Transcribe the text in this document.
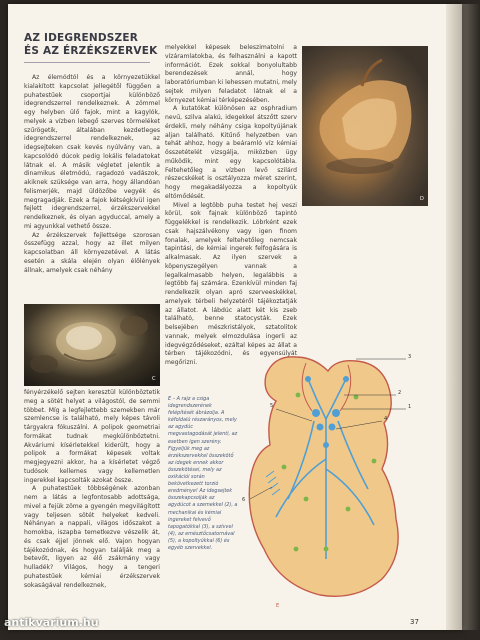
AZ IDEGRENDSZER
ÉS AZ ÉRZÉKSZERVEK

Az élemódtól és a környezetükkel kialakított kapcsolat jellegétől függően a puhatestűek csoportjai különböző idegrendszerrel rendelkeznek. A zömmel egy helyben ülő fajok, mint a kagylók, melyek a vízben lebegő szerves törmeléket szűrögetik, általában kezdetleges idegrendszerrel rendelkeznek, az idegsejteken csak kevés nyúlvány van, a kapcsolódó dúcok pedig lokális feladatokat látnak el. A másik végletet jelentik a dinamikus életmódú, ragadozó vadászok, akiknek szüksége van arra, hogy állandóan felismerjék, majd üldözőbe vegyék és megragadják. Ezek a fajok kétségkívül igen fejlett idegrendszerrel, érzékszervekkel rendelkeznek, és olyan agyduccal, amely a mi agyunkkal vethető össze.

Az érzékszervek fejlettsége szorosan összefügg azzal, hogy az illet milyen kapcsolatban áll környezetével. A látás esetén a skála elején olyan élőlények állnak, amelyek csak néhány

C

fényérzékelő sejten keresztül különböztetik meg a sötét helyet a világostól, de semmi többet. Míg a legfejlettebb szemekben már szemlencse is található, mely képes távoli tárgyakra fókuszálni. A polipok geometriai formákat tudnak megkülönböztetni. Akváriumi kísérletekkel kiderült, hogy a polipok a formákat képesek voltak megjegyezni akkor, ha a kísérletet végző tudósok kellemes vagy kellemetlen ingerekkel kapcsolták azokat össze.

A puhatestűek többségének azonban nem a látás a legfontosabb adottsága, mivel a fejük zöme a gyengén megvilágított vagy teljesen sötét helyeket kedveli. Néhányan a nappali, világos időszakot a homokba, iszapba temetkezve vészelik át, és csak éjjel jönnek elő. Vajon hogyan tájékozódnak, és hogyan találják meg a betevőt, ligyen az élő zsákmány vagy hulladék? Világos, hogy a tengeri puhatestűek kémiai érzékszervek sokaságával rendelkeznek,

melyekkel képesek beleszimatolni a vízáramlatokba, és felhasználni a kapott információt. Ezek sokkal bonyolultabb berendezések annál, hogy laboratóriumban ki lehessen mutatni, mely sejtek milyen feladatot látnak el a környezet kémiai térképezésében.

A kutatókat különösen az osphradium nevű, szilva alakú, idegekkel átszőtt szerv érdekli, mely néhány csiga kopoltyújának aljan található. Kitűnő helyzetben van tehát ahhoz, hogy a beáramló víz kémiai összetételét vizsgálja, miközben ügy működik, mint egy kapcsolótábla. Feltehetőleg a vízben levő szilárd részecskéket is osztályozza méret szerint, hogy megakadályozza a kopoltyúk eltömődését.

Mivel a legtöbb puha testet hej veszi körül, sok fajnak különböző tapintó függelékkel is rendelkezik. Lóbrként ezek csak hajszálvékony vagy igen finom fonalak, amelyek feltehetőleg nemcsak tapintási, de kémiai ingerek felfogására is alkalmasak. Az ilyen szervek a köpenyszegélyen vannak a legalkalmasabb helyen, legalábbis a legtöbb faj számára. Ezenkívül minden faj rendelkezik olyan apró szerveeskékkel, amelyek térbeli helyzetéről tájékoztatják az állatot. A lábdúc alatt két kis zseb található, benne statocysták. Ezek belsejében mészkristályok, sztatolitok vannak, melyek elmozdulása ingerli az idegvégződéseket, ezáltal képes az állat a térben tájékozódni, és egyensúlyát megőrizni.

D

E – A rajz a csiga idegrendszerének felépítését ábrázolja. A kéfoldalú részarányos, mely az agydúc megvastagodását jelenti, az esetben igen szerény. Figyeljük meg az érzékszervekkel összekötő az idegek ennek akkor összekötései, mely az oxikációi során bekövetkezett torzió eredménye! Az idegsejtek összekapcsolják az agydúcot a szemekkel (2), a mechanikai és kémiai ingereket felvevő tapogatókkal (3), a szívvel (4), az emésztőcsatornával (5), a kopoltyúkkal (6) és egyéb szervekkel.

3
2
1
5
4
6
E
37
antikvarium.hu
